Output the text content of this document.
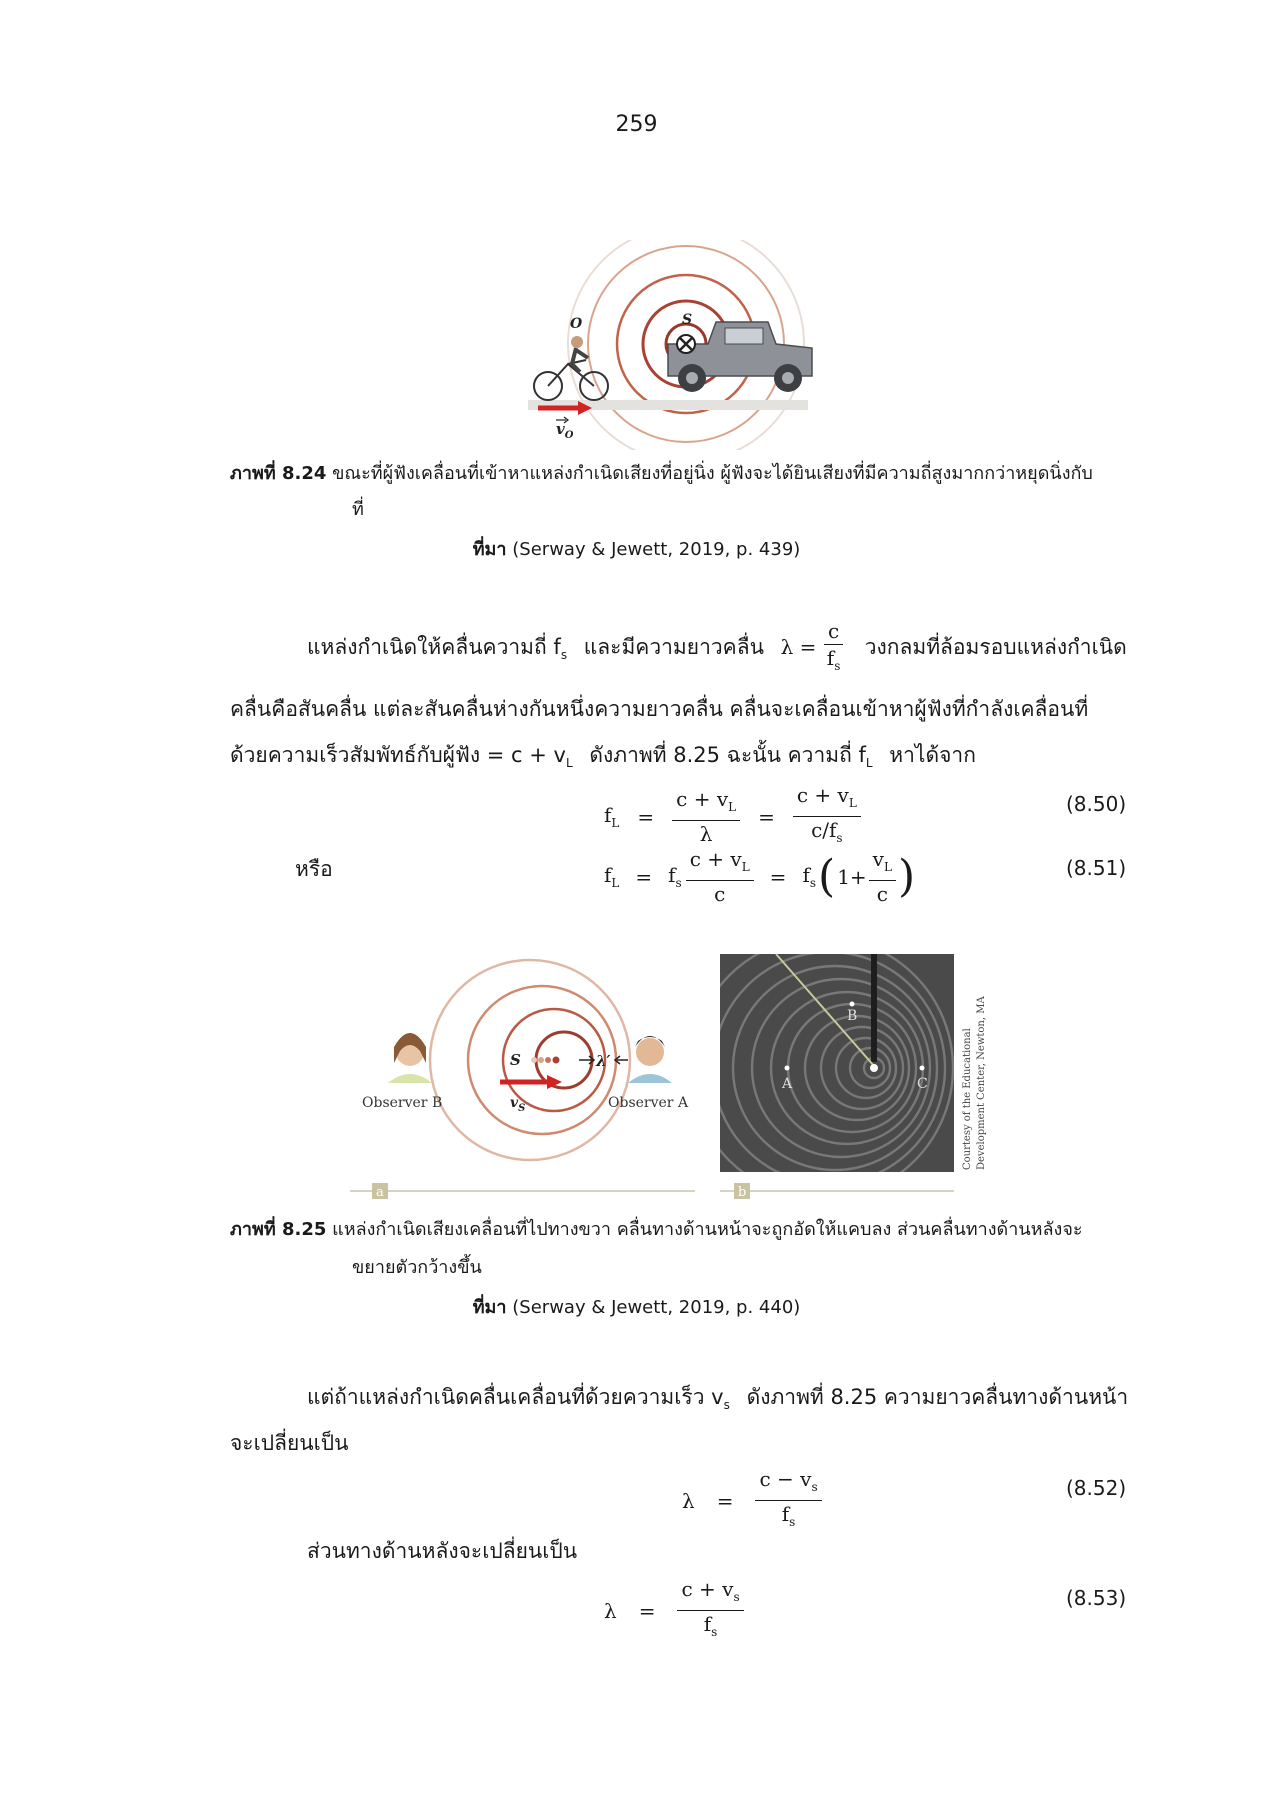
259
S
O
$v_O$
ภาพที่ 8.24 ขณะที่ผู้ฟังเคลื่อนที่เข้าหาแหล่งกำเนิดเสียงที่อยู่นิ่ง ผู้ฟังจะได้ยินเสียงที่มีความถี่สูงมากกว่าหยุดนิ่งกับ
ที่
ที่มา (Serway & Jewett, 2019, p. 439)
แหล่งกำเนิดให้คลื่นความถี่ $f_s$ และมีความยาวคลื่น $\lambda = \frac{c}{f_s}$ วงกลมที่ล้อมรอบแหล่งกำเนิด
คลื่นคือสันคลื่น แต่ละสันคลื่นห่างกันหนึ่งความยาวคลื่น คลื่นจะเคลื่อนเข้าหาผู้ฟังที่กำลังเคลื่อนที่
ด้วยความเร็วสัมพัทธ์กับผู้ฟัง = $c + v_L$ ดังภาพที่ 8.25 ฉะนั้น ความถี่ $f_L$ หาได้จาก
$f_L = \frac{c + v_L}{\lambda} = \frac{c + v_L}{c/f_s}$	(8.50)
หรือ	$f_L = f_s \frac{c + v_L}{c} = f_s$ ( $1+ \frac{v_L}{c}$ )	(8.51)
S
$v_S$
λ′
Observer B	Observer A
a
B
A	C	Courtesy of the Educational Development Center, Newton, MA
b
ภาพที่ 8.25 แหล่งกำเนิดเสียงเคลื่อนที่ไปทางขวา คลื่นทางด้านหน้าจะถูกอัดให้แคบลง ส่วนคลื่นทางด้านหลังจะ
ขยายตัวกว้างขึ้น
ที่มา (Serway & Jewett, 2019, p. 440)
แต่ถ้าแหล่งกำเนิดคลื่นเคลื่อนที่ด้วยความเร็ว $v_s$ ดังภาพที่ 8.25 ความยาวคลื่นทางด้านหน้า
จะเปลี่ยนเป็น
$\lambda = \frac{c - v_s}{f_s}$	(8.52)
ส่วนทางด้านหลังจะเปลี่ยนเป็น
$\lambda = \frac{c + v_s}{f_s}$	(8.53)
